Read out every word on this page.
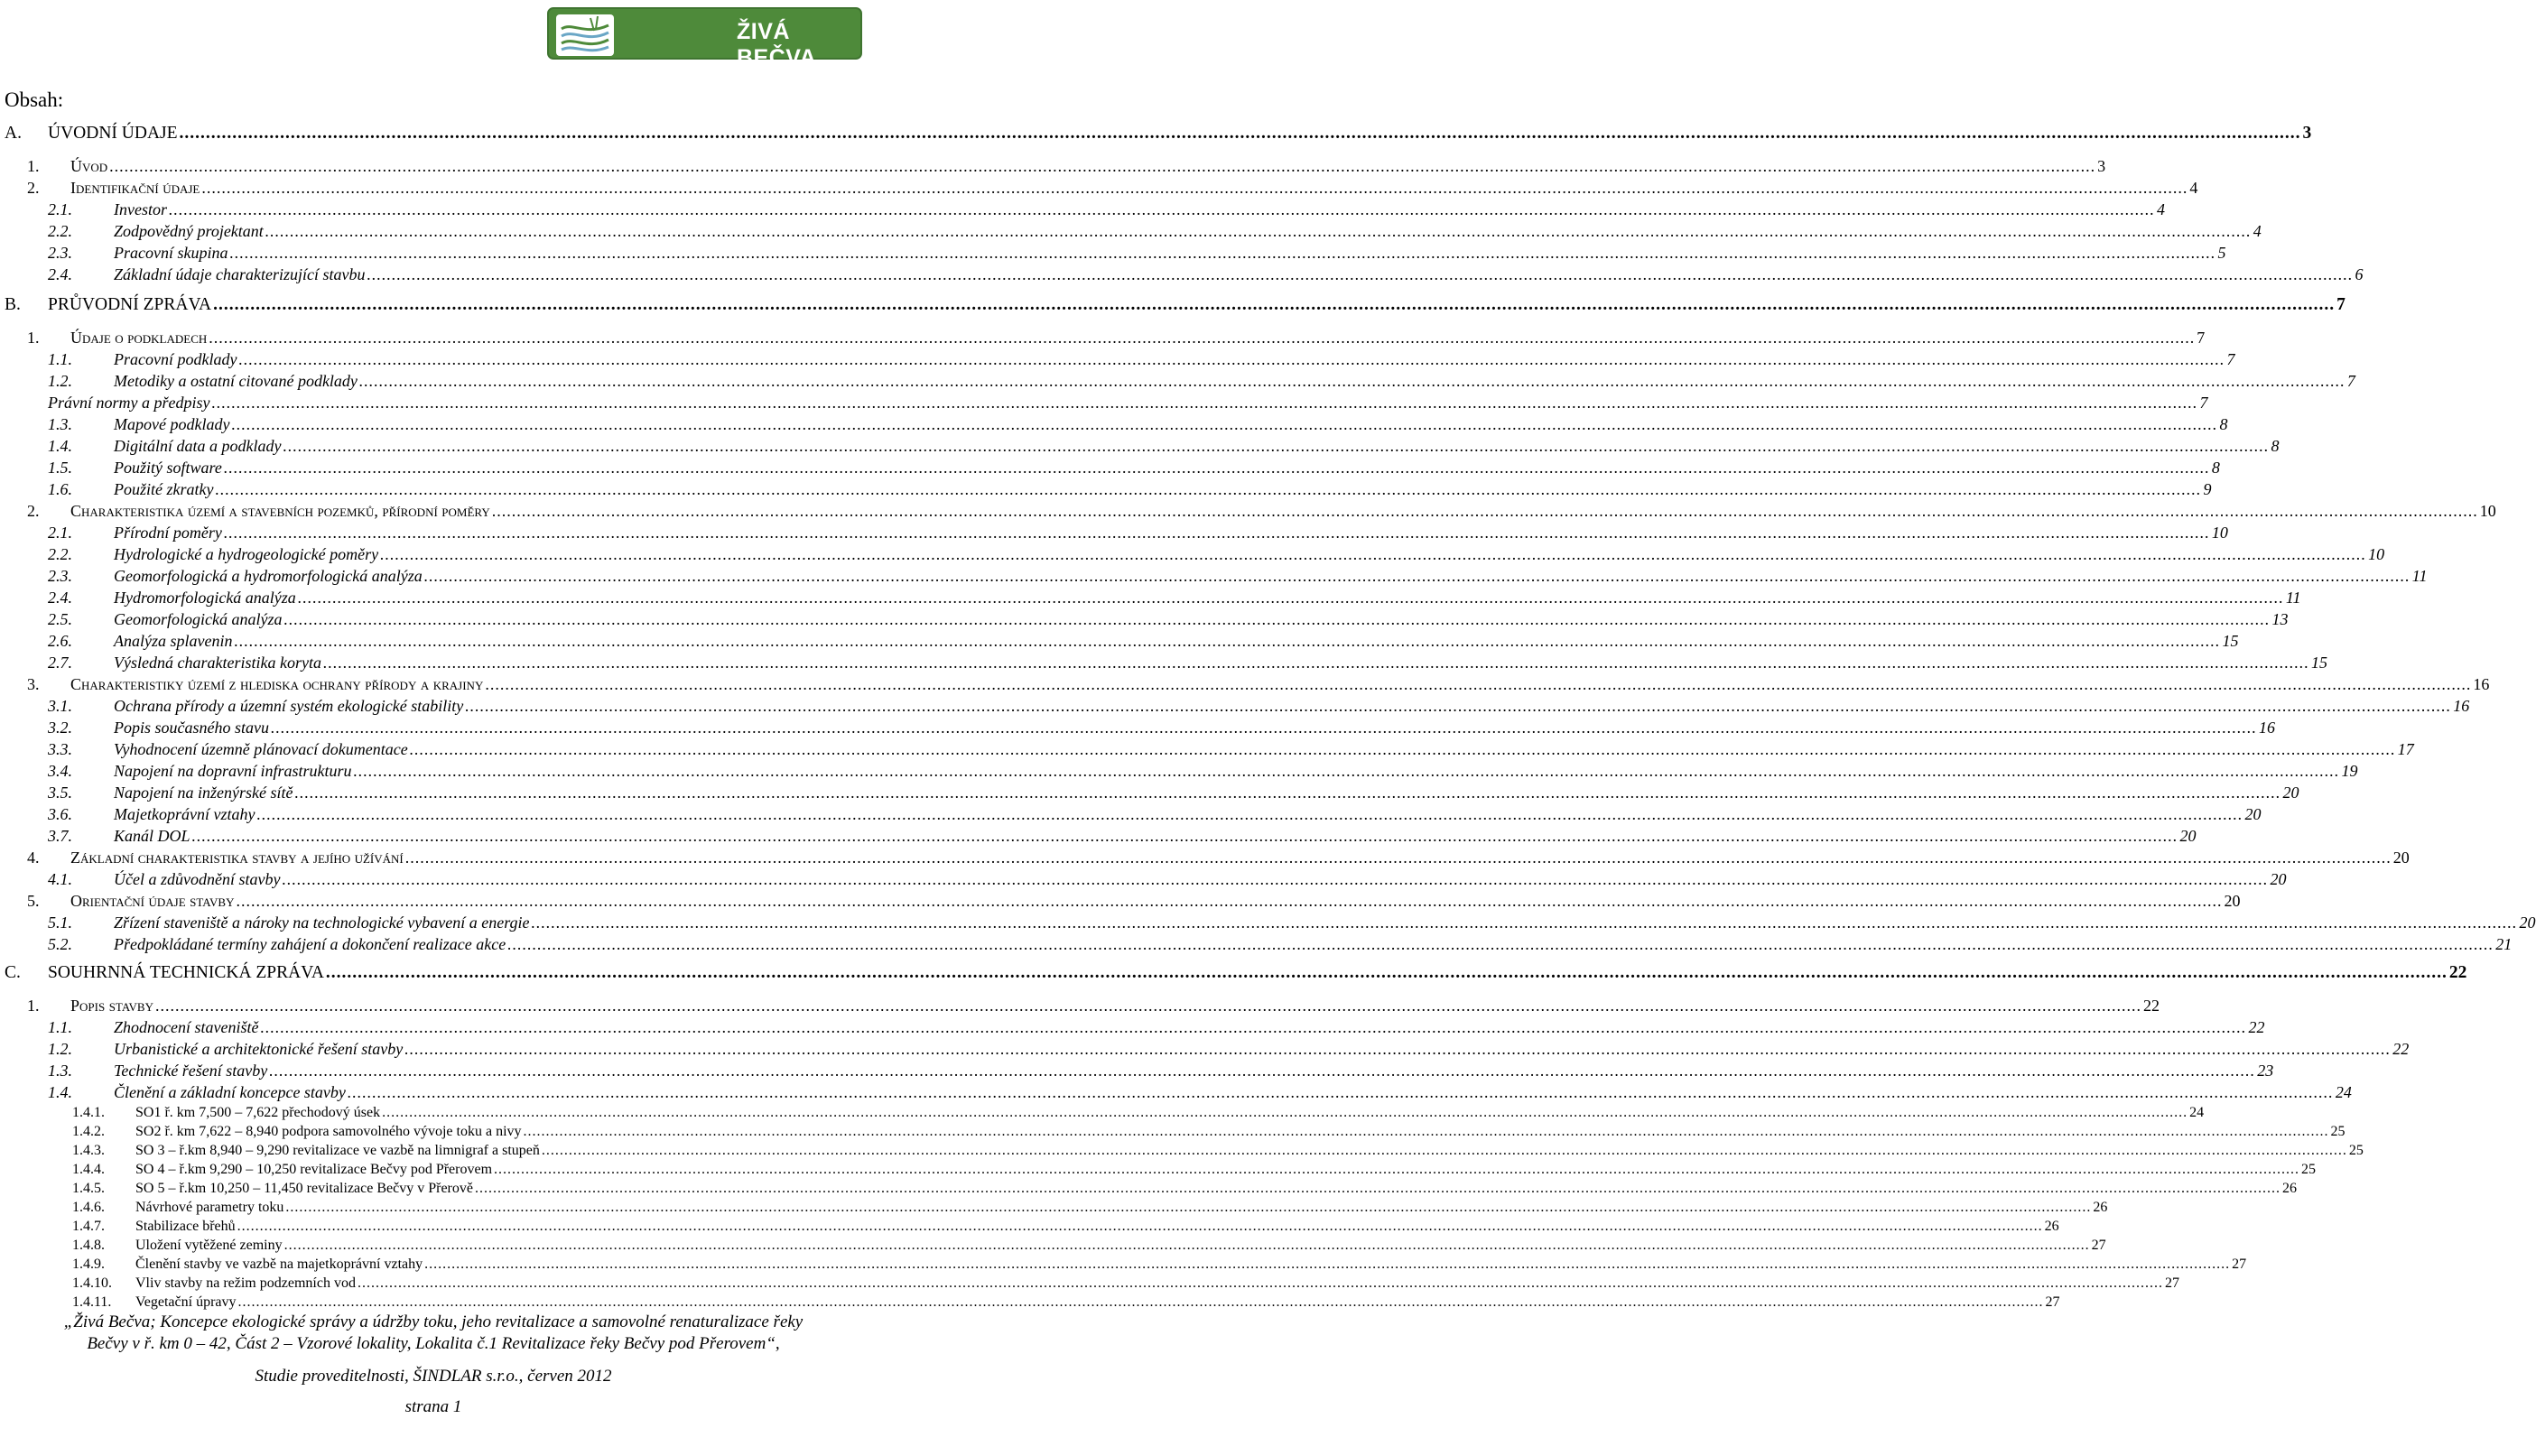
ŽIVÁ BEČVA
Obsah:
A. ÚVODNÍ ÚDAJE ................................................................................................................................................................................................................................................................................................................................................................................................................ 3
1. Úvod ................................................................................................................................................................................................................................................................................................................................................................................................................ 3
2. Identifikační údaje ................................................................................................................................................................................................................................................................................................................................................................................................................ 4
2.1.	Investor ................................................................................................................................................................................................................................................................................................................................................................................................................ 4
2.2.	Zodpovědný projektant ................................................................................................................................................................................................................................................................................................................................................................................................................ 4
2.3.	Pracovní skupina ................................................................................................................................................................................................................................................................................................................................................................................................................ 5
2.4.	Základní údaje charakterizující stavbu ................................................................................................................................................................................................................................................................................................................................................................................................................ 6
B. PRŮVODNÍ ZPRÁVA ................................................................................................................................................................................................................................................................................................................................................................................................................ 7
1. Údaje o podkladech ................................................................................................................................................................................................................................................................................................................................................................................................................ 7
1.1.	Pracovní podklady ................................................................................................................................................................................................................................................................................................................................................................................................................ 7
1.2.	Metodiky a ostatní citované podklady ................................................................................................................................................................................................................................................................................................................................................................................................................ 7
Právní normy a předpisy ................................................................................................................................................................................................................................................................................................................................................................................................................ 7
1.3.	Mapové podklady ................................................................................................................................................................................................................................................................................................................................................................................................................ 8
1.4.	Digitální data a podklady ................................................................................................................................................................................................................................................................................................................................................................................................................ 8
1.5.	Použitý software ................................................................................................................................................................................................................................................................................................................................................................................................................ 8
1.6.	Použité zkratky ................................................................................................................................................................................................................................................................................................................................................................................................................ 9
2. Charakteristika území a stavebních pozemků, přírodní poměry ................................................................................................................................................................................................................................................................................................................................................................................................................ 10
2.1.	Přírodní poměry ................................................................................................................................................................................................................................................................................................................................................................................................................ 10
2.2.	Hydrologické a hydrogeologické poměry ................................................................................................................................................................................................................................................................................................................................................................................................................ 10
2.3.	Geomorfologická a hydromorfologická analýza ................................................................................................................................................................................................................................................................................................................................................................................................................ 11
2.4.	Hydromorfologická analýza ................................................................................................................................................................................................................................................................................................................................................................................................................ 11
2.5.	Geomorfologická analýza ................................................................................................................................................................................................................................................................................................................................................................................................................ 13
2.6.	Analýza splavenin ................................................................................................................................................................................................................................................................................................................................................................................................................ 15
2.7.	Výsledná charakteristika koryta ................................................................................................................................................................................................................................................................................................................................................................................................................ 15
3. Charakteristiky území z hlediska ochrany přírody a krajiny ................................................................................................................................................................................................................................................................................................................................................................................................................ 16
3.1.	Ochrana přírody a územní systém ekologické stability ................................................................................................................................................................................................................................................................................................................................................................................................................ 16
3.2.	Popis současného stavu ................................................................................................................................................................................................................................................................................................................................................................................................................ 16
3.3.	Vyhodnocení územně plánovací dokumentace ................................................................................................................................................................................................................................................................................................................................................................................................................ 17
3.4.	Napojení na dopravní infrastrukturu ................................................................................................................................................................................................................................................................................................................................................................................................................ 19
3.5.	Napojení na inženýrské sítě ................................................................................................................................................................................................................................................................................................................................................................................................................ 20
3.6.	Majetkoprávní vztahy ................................................................................................................................................................................................................................................................................................................................................................................................................ 20
3.7.	Kanál DOL ................................................................................................................................................................................................................................................................................................................................................................................................................ 20
4. Základní charakteristika stavby a jejího užívání ................................................................................................................................................................................................................................................................................................................................................................................................................ 20
4.1.	Účel a zdůvodnění stavby ................................................................................................................................................................................................................................................................................................................................................................................................................ 20
5. Orientační údaje stavby ................................................................................................................................................................................................................................................................................................................................................................................................................ 20
5.1.	Zřízení staveniště a nároky na technologické vybavení a energie ................................................................................................................................................................................................................................................................................................................................................................................................................ 20
5.2.	Předpokládané termíny zahájení a dokončení realizace akce ................................................................................................................................................................................................................................................................................................................................................................................................................ 21
C. SOUHRNNÁ TECHNICKÁ ZPRÁVA ................................................................................................................................................................................................................................................................................................................................................................................................................ 22
1. Popis stavby ................................................................................................................................................................................................................................................................................................................................................................................................................ 22
1.1.	Zhodnocení staveniště ................................................................................................................................................................................................................................................................................................................................................................................................................ 22
1.2.	Urbanistické a architektonické řešení stavby ................................................................................................................................................................................................................................................................................................................................................................................................................ 22
1.3.	Technické řešení stavby ................................................................................................................................................................................................................................................................................................................................................................................................................ 23
1.4.	Členění a základní koncepce stavby ................................................................................................................................................................................................................................................................................................................................................................................................................ 24
1.4.1. SO1 ř. km 7,500 – 7,622 přechodový úsek ................................................................................................................................................................................................................................................................................................................................................................................................................ 24
1.4.2. SO2 ř. km 7,622 – 8,940 podpora samovolného vývoje toku a nivy ................................................................................................................................................................................................................................................................................................................................................................................................................ 25
1.4.3. SO 3 – ř.km 8,940 – 9,290 revitalizace ve vazbě na limnigraf a stupeň ................................................................................................................................................................................................................................................................................................................................................................................................................ 25
1.4.4. SO 4 – ř.km 9,290 – 10,250 revitalizace Bečvy pod Přerovem ................................................................................................................................................................................................................................................................................................................................................................................................................ 25
1.4.5. SO 5 – ř.km 10,250 – 11,450 revitalizace Bečvy v Přerově ................................................................................................................................................................................................................................................................................................................................................................................................................ 26
1.4.6. Návrhové parametry toku ................................................................................................................................................................................................................................................................................................................................................................................................................ 26
1.4.7. Stabilizace břehů ................................................................................................................................................................................................................................................................................................................................................................................................................ 26
1.4.8. Uložení vytěžené zeminy ................................................................................................................................................................................................................................................................................................................................................................................................................ 27
1.4.9. Členění stavby ve vazbě na majetkoprávní vztahy ................................................................................................................................................................................................................................................................................................................................................................................................................ 27
1.4.10. Vliv stavby na režim podzemních vod ................................................................................................................................................................................................................................................................................................................................................................................................................ 27
1.4.11. Vegetační úpravy ................................................................................................................................................................................................................................................................................................................................................................................................................ 27
„Živá Bečva; Koncepce ekologické správy a údržby toku, jeho revitalizace a samovolné renaturalizace řeky
Bečvy v ř. km 0 – 42, Část 2 – Vzorové lokality, Lokalita č.1 Revitalizace řeky Bečvy pod Přerovem“,
Studie proveditelnosti, ŠINDLAR s.r.o., červen 2012
strana 1
